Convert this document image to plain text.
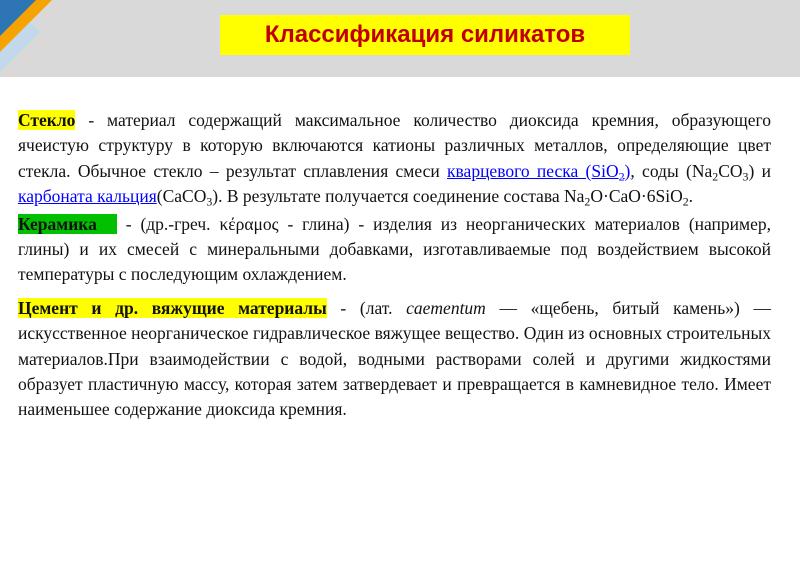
Классификация силикатов

Стекло - материал содержащий максимальное количество диоксида кремния, образующего ячеистую структуру в которую включаются катионы различных металлов, определяющие цвет стекла. Обычное стекло – результат сплавления смеси кварцевого песка (SiO$_2$), соды $(Na_2CO_3)$ и карбоната кальция(CaCO$_3$). В результате получается соединение состава $Na_2O\cdot CaO\cdot 6SiO_2$.

Керамика - (др.-греч. κέραμος - глина) - изделия из неорганических материалов (например, глины) и их смесей с минеральными добавками, изготавливаемые под воздействием высокой температуры с последующим охлаждением.

Цемент и др. вяжущие материалы - (лат. caementum — «щебень, битый камень») — искусственное неорганическое гидравлическое вяжущее вещество. Один из основных строительных материалов.При взаимодействии с водой, водными растворами солей и другими жидкостями образует пластичную массу, которая затем затвердевает и превращается в камневидное тело. Имеет наименьшее содержание диоксида кремния.
